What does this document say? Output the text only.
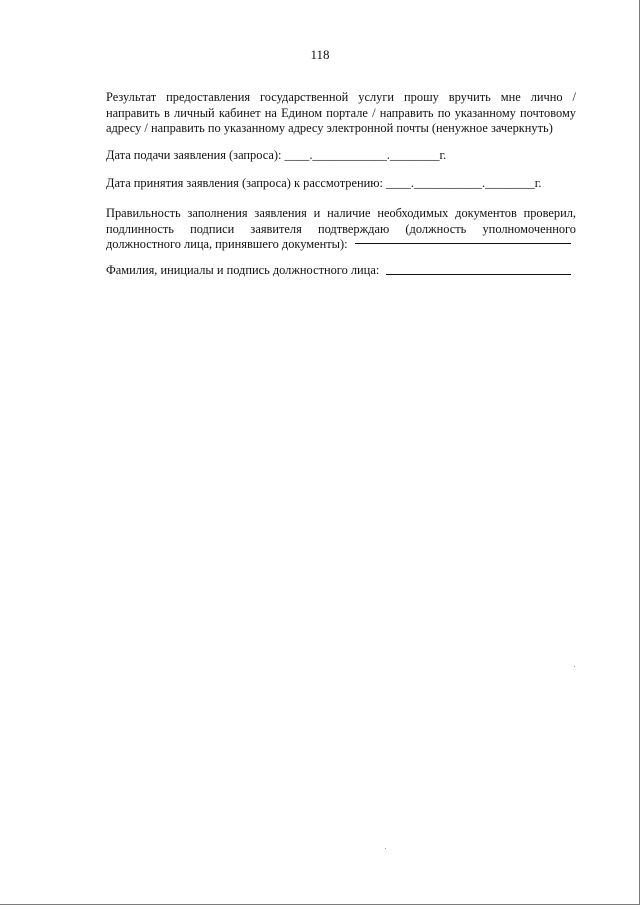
118
Результат предоставления государственной услуги прошу вручить мне лично / направить в личный кабинет на Едином портале / направить по указанному почтовому адресу / направить по указанному адресу электронной почты (ненужное зачеркнуть)
Дата подачи заявления (запроса): ____.____________.________г.
Дата принятия заявления (запроса) к рассмотрению: ____.___________.________г.
Правильность заполнения заявления и наличие необходимых документов проверил, подлинность подписи заявителя подтверждаю (должность уполномоченного должностного лица, принявшего документы):
Фамилия, инициалы и подпись должностного лица:
